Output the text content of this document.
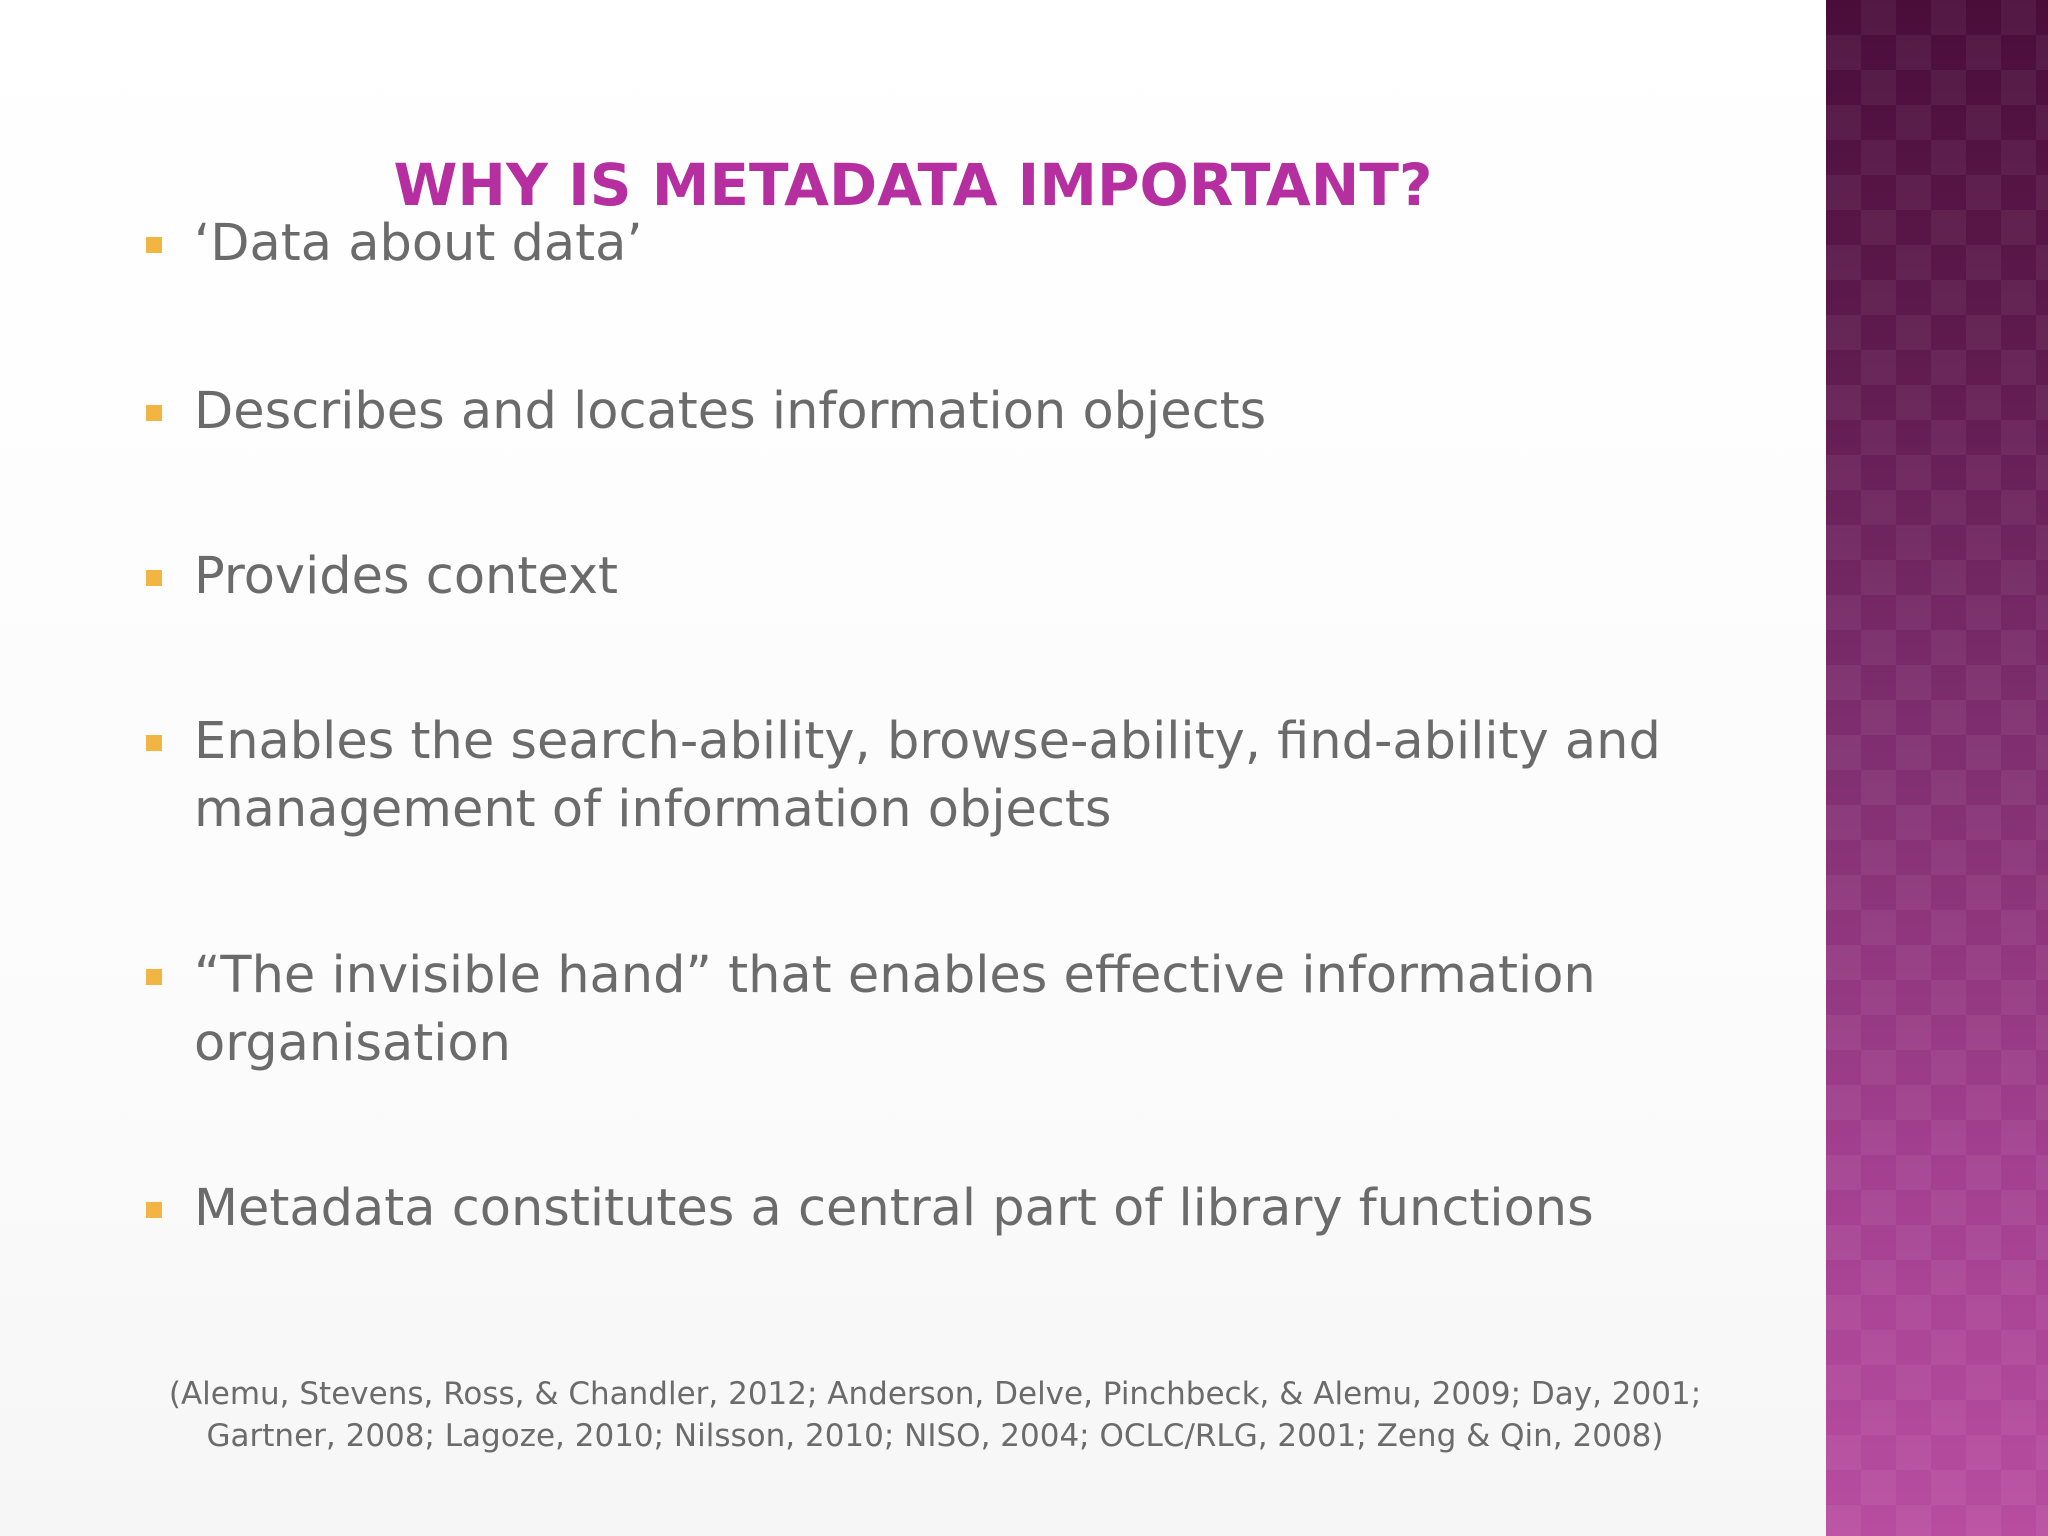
WHY IS METADATA IMPORTANT?
‘Data about data’
Describes and locates information objects
Provides context
Enables the search-ability, browse-ability, find-ability and management of information objects
“The invisible hand” that enables effective information organisation
Metadata constitutes a central part of library functions

(Alemu, Stevens, Ross, & Chandler, 2012; Anderson, Delve, Pinchbeck, & Alemu, 2009; Day, 2001; Gartner, 2008; Lagoze, 2010; Nilsson, 2010; NISO, 2004; OCLC/RLG, 2001; Zeng & Qin, 2008)
